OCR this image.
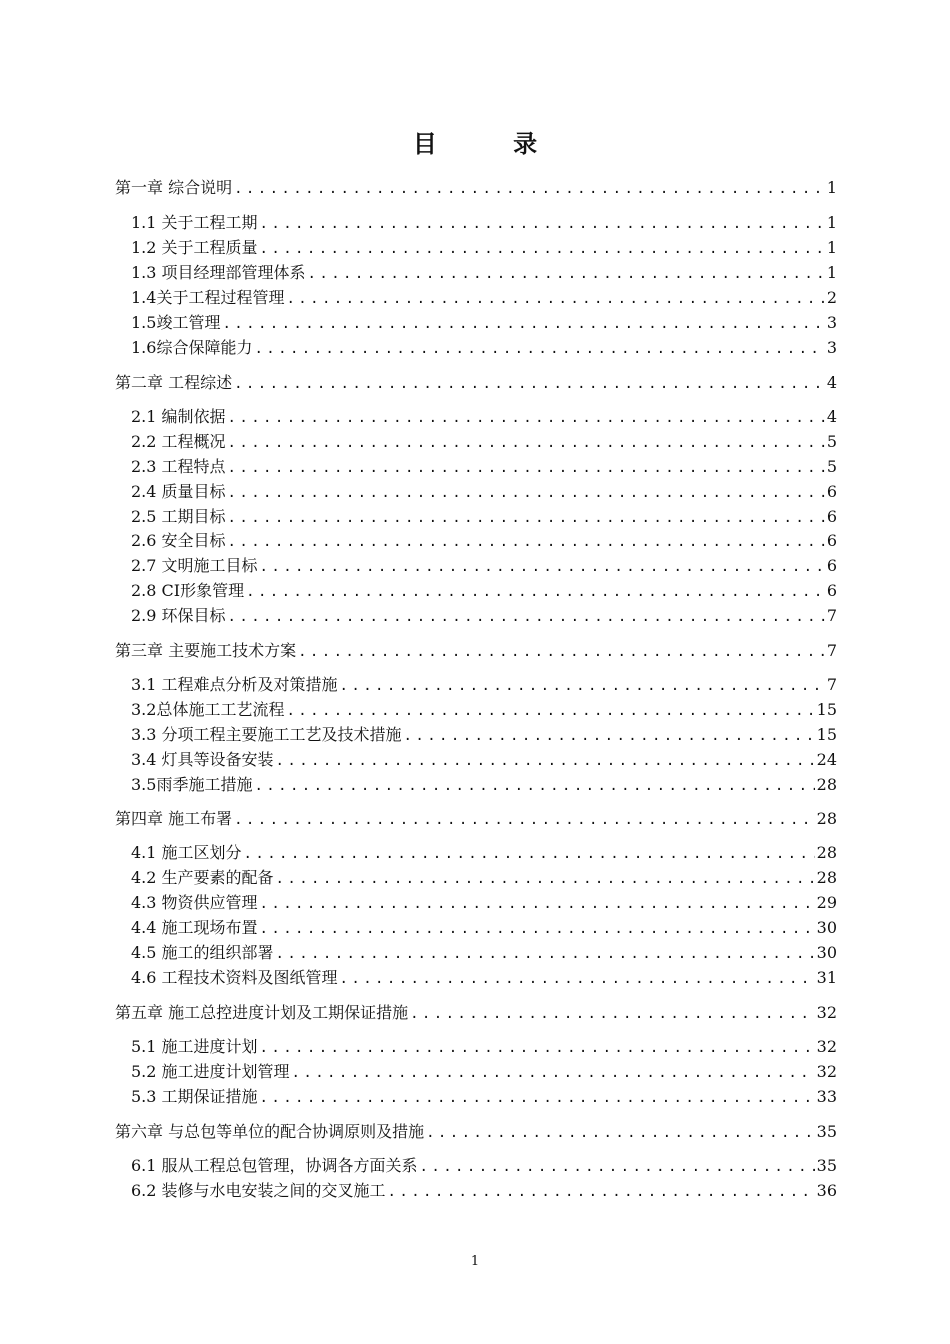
目 录
第一章 综合说明 .....	1
1.1 关于工程工期 .....	1
1.2 关于工程质量 .....	1
1.3 项目经理部管理体系 .....	1
1.4关于工程过程管理 .....	2
1.5竣工管理 .....	3
1.6综合保障能力 .....	3
第二章 工程综述 .....	4
2.1 编制依据 .....	4
2.2 工程概况 .....	5
2.3 工程特点 .....	5
2.4 质量目标 .....	6
2.5 工期目标 .....	6
2.6 安全目标 .....	6
2.7 文明施工目标 .....	6
2.8 CI形象管理 .....	6
2.9 环保目标 .....	7
第三章 主要施工技术方案 .....	7
3.1 工程难点分析及对策措施 .....	7
3.2总体施工工艺流程 .....	15
3.3 分项工程主要施工工艺及技术措施 .....	15
3.4 灯具等设备安装 .....	24
3.5雨季施工措施 .....	28
第四章 施工布署 .....	28
4.1 施工区划分 .....	28
4.2 生产要素的配备 .....	28
4.3 物资供应管理 .....	29
4.4 施工现场布置 .....	30
4.5 施工的组织部署 .....	30
4.6 工程技术资料及图纸管理 .....	31
第五章 施工总控进度计划及工期保证措施 .....	32
5.1 施工进度计划 .....	32
5.2 施工进度计划管理 .....	32
5.3 工期保证措施 .....	33
第六章 与总包等单位的配合协调原则及措施 .....	35
6.1 服从工程总包管理，协调各方面关系 .....	35
6.2 装修与水电安装之间的交叉施工 .....	36
1
